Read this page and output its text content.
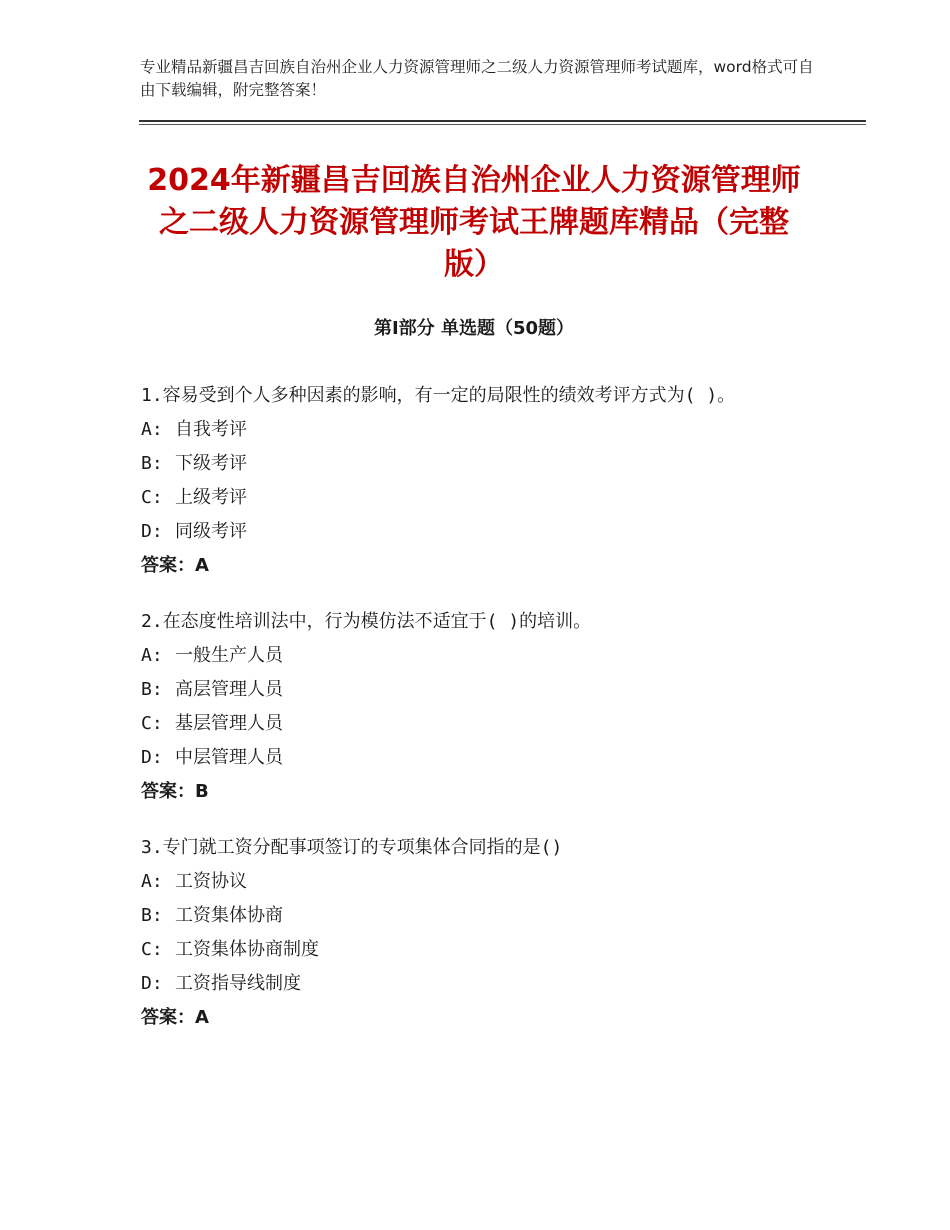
专业精品新疆昌吉回族自治州企业人力资源管理师之二级人力资源管理师考试题库，word格式可自由下载编辑，附完整答案！
2024年新疆昌吉回族自治州企业人力资源管理师之二级人力资源管理师考试王牌题库精品（完整版）
第Ⅰ部分 单选题（50题）
1.容易受到个人多种因素的影响，有一定的局限性的绩效考评方式为( )。
A: 自我考评
B: 下级考评
C: 上级考评
D: 同级考评
答案：A
2.在态度性培训法中，行为模仿法不适宜于( )的培训。
A: 一般生产人员
B: 高层管理人员
C: 基层管理人员
D: 中层管理人员
答案：B
3.专门就工资分配事项签订的专项集体合同指的是()
A: 工资协议
B: 工资集体协商
C: 工资集体协商制度
D: 工资指导线制度
答案：A
